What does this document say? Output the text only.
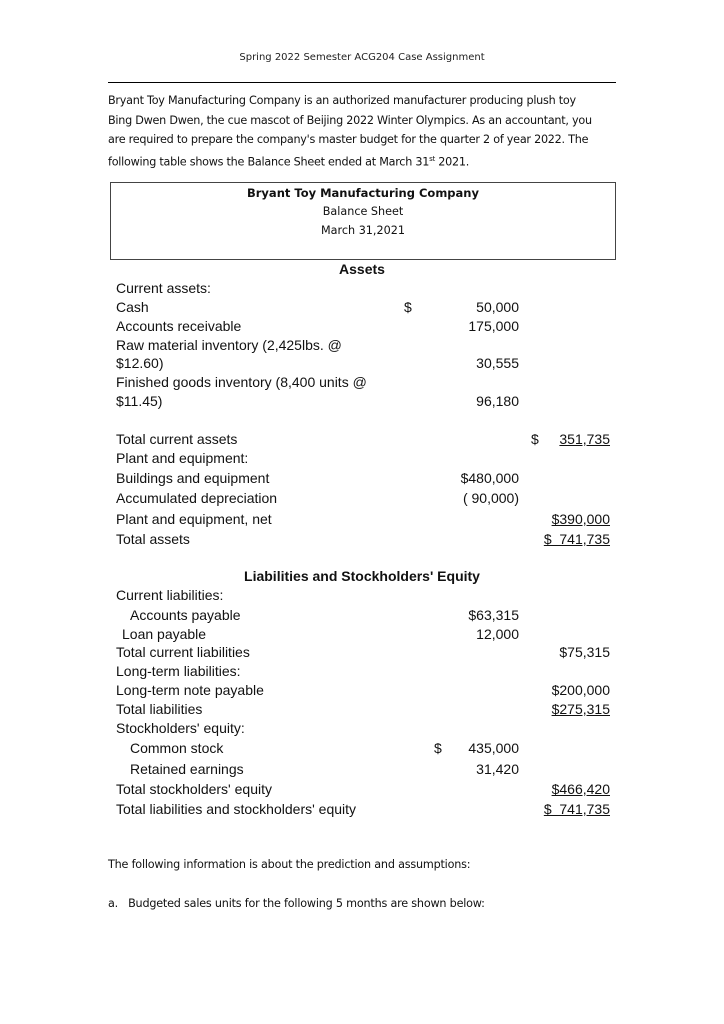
Spring 2022 Semester ACG204 Case Assignment
Bryant Toy Manufacturing Company is an authorized manufacturer producing plush toy
Bing Dwen Dwen, the cue mascot of Beijing 2022 Winter Olympics. As an accountant, you
are required to prepare the company's master budget for the quarter 2 of year 2022. The
following table shows the Balance Sheet ended at March 31st 2021.
Bryant Toy Manufacturing Company
Balance Sheet
March 31,2021
Assets
Current assets:
Cash	$	50,000
Accounts receivable	175,000
Raw material inventory (2,425lbs. @
$12.60)	30,555
Finished goods inventory (8,400 units @
$11.45)	96,180
Total current assets	$ 351,735
Plant and equipment:
Buildings and equipment	$480,000
Accumulated depreciation	( 90,000)
Plant and equipment, net	$390,000
Total assets	$  741,735
Liabilities and Stockholders' Equity
Current liabilities:
Accounts payable	$63,315
Loan payable	12,000
Total current liabilities	$75,315
Long-term liabilities:
Long-term note payable	$200,000
Total liabilities	$275,315
Stockholders' equity:
Common stock	$ 435,000
Retained earnings	31,420
Total stockholders' equity	$466,420
Total liabilities and stockholders' equity	$  741,735
The following information is about the prediction and assumptions:
a.   Budgeted sales units for the following 5 months are shown below:
